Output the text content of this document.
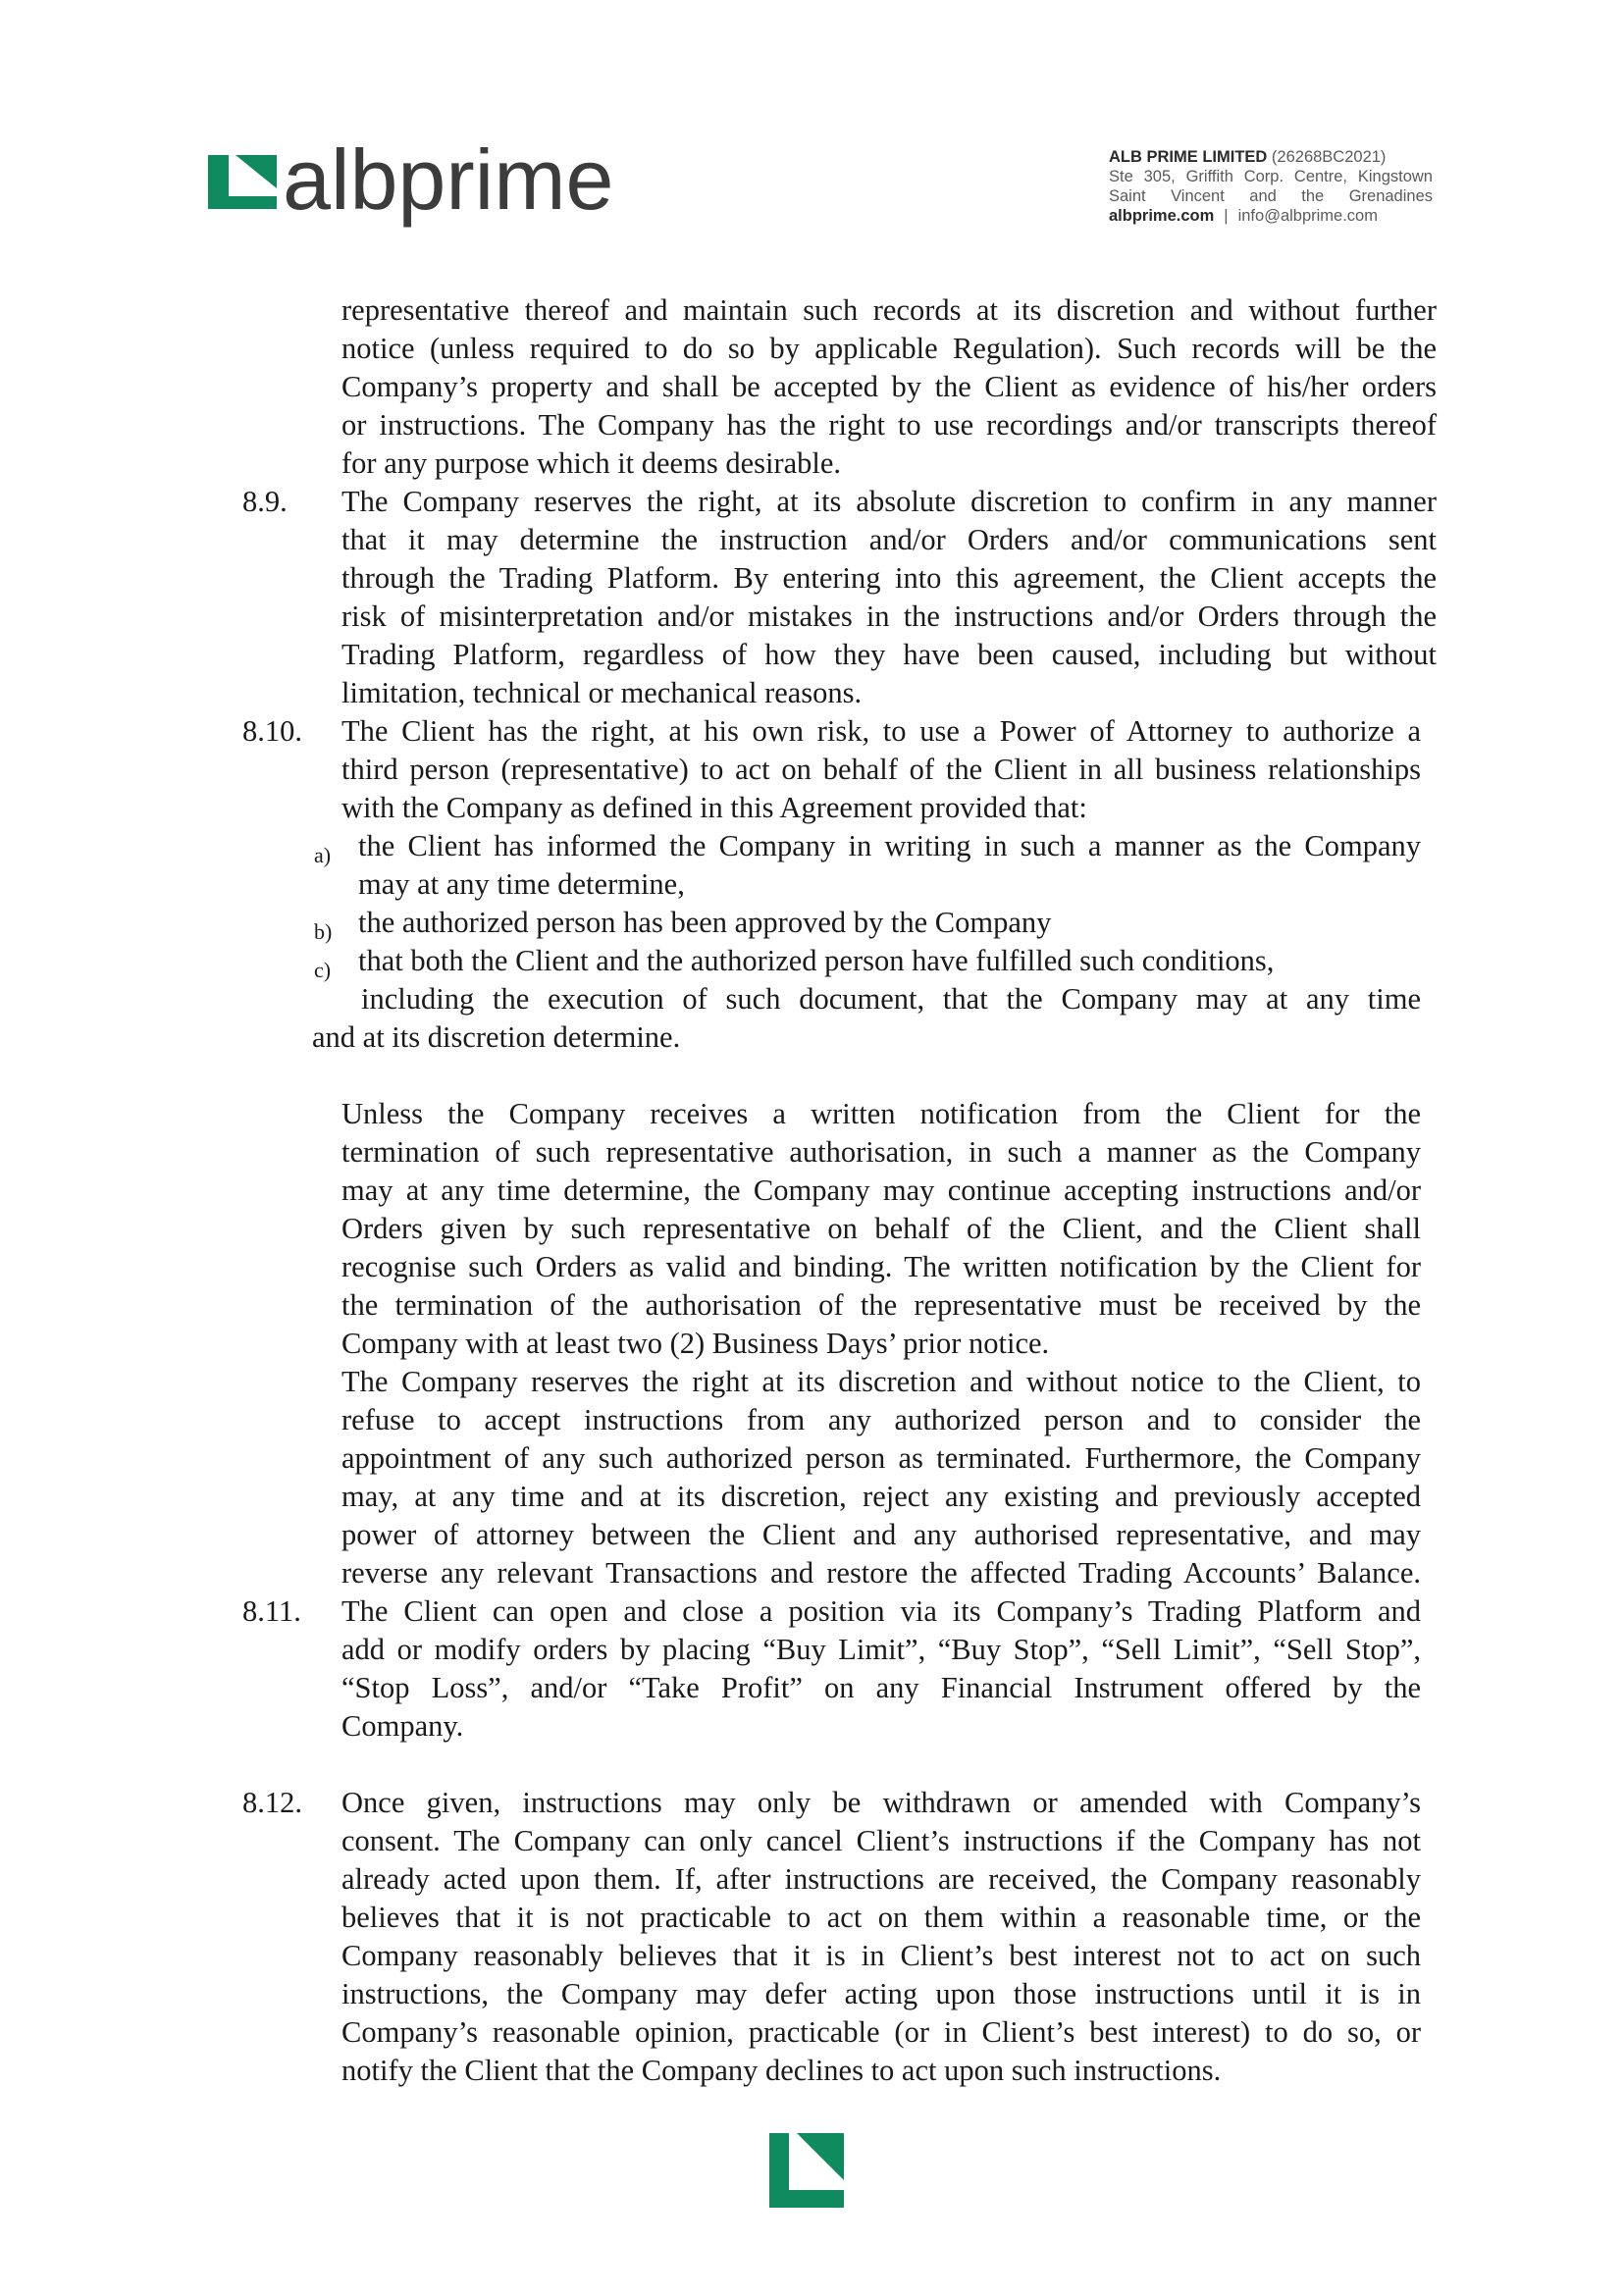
albprime	ALB PRIME LIMITED (26268BC2021)
Ste 305, Griffith Corp. Centre, Kingstown
Saint Vincent and the Grenadines
albprime.com | info@albprime.com
representative thereof and maintain such records at its discretion and without further
notice (unless required to do so by applicable Regulation). Such records will be the
Company’s property and shall be accepted by the Client as evidence of his/her orders
or instructions. The Company has the right to use recordings and/or transcripts thereof
for any purpose which it deems desirable.
8.9. The Company reserves the right, at its absolute discretion to confirm in any manner
that it may determine the instruction and/or Orders and/or communications sent
through the Trading Platform. By entering into this agreement, the Client accepts the
risk of misinterpretation and/or mistakes in the instructions and/or Orders through the
Trading Platform, regardless of how they have been caused, including but without
limitation, technical or mechanical reasons.
8.10. The Client has the right, at his own risk, to use a Power of Attorney to authorize a
third person (representative) to act on behalf of the Client in all business relationships
with the Company as defined in this Agreement provided that:
a) the Client has informed the Company in writing in such a manner as the Company
may at any time determine,
b) the authorized person has been approved by the Company
c) that both the Client and the authorized person have fulfilled such conditions,
including the execution of such document, that the Company may at any time
and at its discretion determine.
Unless the Company receives a written notification from the Client for the
termination of such representative authorisation, in such a manner as the Company
may at any time determine, the Company may continue accepting instructions and/or
Orders given by such representative on behalf of the Client, and the Client shall
recognise such Orders as valid and binding. The written notification by the Client for
the termination of the authorisation of the representative must be received by the
Company with at least two (2) Business Days’ prior notice.
The Company reserves the right at its discretion and without notice to the Client, to
refuse to accept instructions from any authorized person and to consider the
appointment of any such authorized person as terminated. Furthermore, the Company
may, at any time and at its discretion, reject any existing and previously accepted
power of attorney between the Client and any authorised representative, and may
reverse any relevant Transactions and restore the affected Trading Accounts’ Balance.
8.11. The Client can open and close a position via its Company’s Trading Platform and
add or modify orders by placing “Buy Limit”, “Buy Stop”, “Sell Limit”, “Sell Stop”,
“Stop Loss”, and/or “Take Profit” on any Financial Instrument offered by the
Company.
8.12. Once given, instructions may only be withdrawn or amended with Company’s
consent. The Company can only cancel Client’s instructions if the Company has not
already acted upon them. If, after instructions are received, the Company reasonably
believes that it is not practicable to act on them within a reasonable time, or the
Company reasonably believes that it is in Client’s best interest not to act on such
instructions, the Company may defer acting upon those instructions until it is in
Company’s reasonable opinion, practicable (or in Client’s best interest) to do so, or
notify the Client that the Company declines to act upon such instructions.
